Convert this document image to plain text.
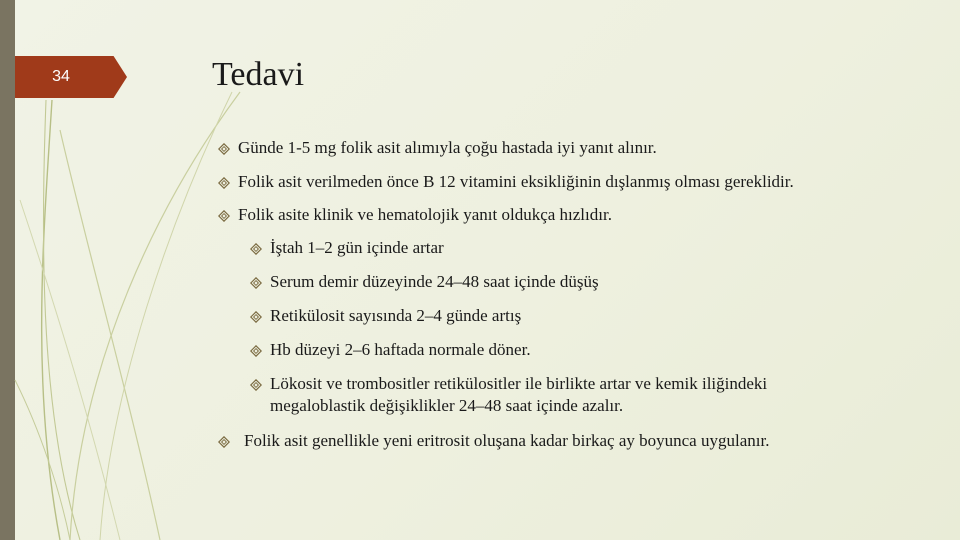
34	Tedavi
Günde 1-5 mg folik asit alımıyla çoğu hastada iyi yanıt alınır.
Folik asit verilmeden önce B 12 vitamini eksikliğinin dışlanmış olması gereklidir.
Folik asite klinik ve hematolojik yanıt oldukça hızlıdır.
İştah 1–2 gün içinde artar
Serum demir düzeyinde 24–48 saat içinde düşüş
Retikülosit sayısında 2–4 günde artış
Hb düzeyi 2–6 haftada normale döner.
Lökosit ve trombositler retikülositler ile birlikte artar ve kemik iliğindeki megaloblastik değişiklikler 24–48 saat içinde azalır.
Folik asit genellikle yeni eritrosit oluşana kadar birkaç ay boyunca uygulanır.
